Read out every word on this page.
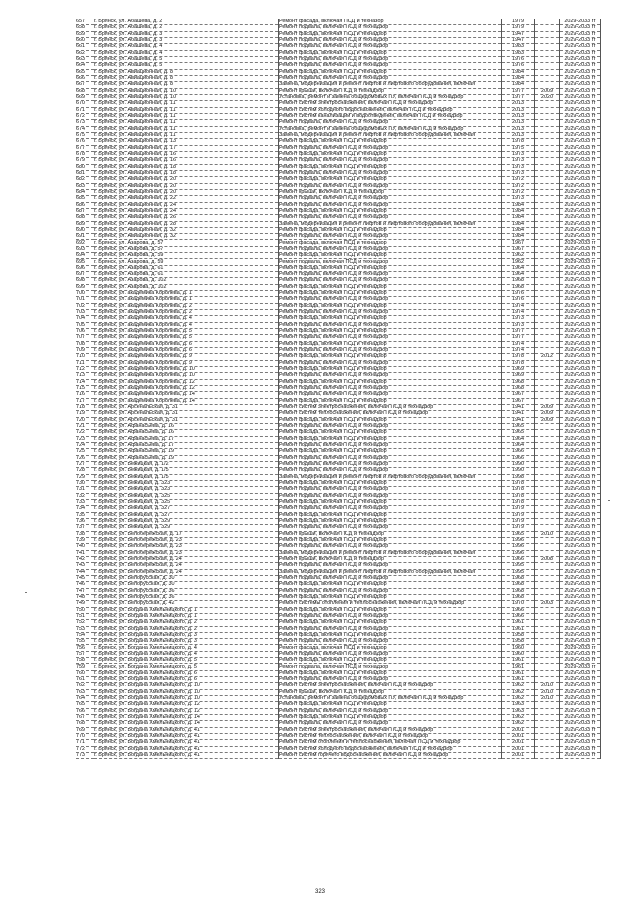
657	г. Брянск, ул. Абашева, д. 2	Ремонт фасада, включая ПСД и техназор	1979		2029-2033 гг
658	г. Брянск, ул. Абашева, д. 2	Ремонт подвала, включая ПСД и технадзор	1979		2029-2033 гг
659	г. Брянск, ул. Абашева, д. 3	Ремонт фасада, включая ПСД и технадзор	1947		2029-2033 гг
660	г. Брянск, ул. Абашева, д. 3	Ремонт подвала, включая ПСД и технадзор	1947		2029-2033 гг
661	г. Брянск, ул. Абашева, д. 4	Ремонт подвала, включая ПСД и технадзор	1983		2029-2033 гг
662	г. Брянск, ул. Абашева, д. 4	Ремонт фасада, включая ПСД и технадзор	1983		2029-2033 гг
663	г. Брянск, ул. Абашева, д. 5	Ремонт подвала, включая ПСД и технадзор	1976		2029-2033 гг
664	г. Брянск, ул. Абашева, д. 5	Ремонт подвала, включая ПСД и технадзор	1976		2029-2033 гг
665	г. Брянск, ул. Авиационная, д. 8	Ремонт фасада, включая ПСД и технадзор	1984		2029-2033 гг
666	г. Брянск, ул. Авиационная, д. 8	Ремонт подвала, включая ПСД и технадзор	1984		2029-2033 гг
667	г. Брянск, ул. Авиационная, д. 8	Замена, модернизация и ремонт лифтов и лифтового оборудования, включая	1984		2029-2033 гг
668	г. Брянск, ул. Авиационная, д. 10	Ремонт крыши, включая ПСД и технадзор	1977	2009	2029-2033 гг
669	г. Брянск, ул. Авиационная, д. 10	Установка, ремонт и замена общедомовых ПУ, включая ПСД и технадзор	1977	2020	2029-2033 гг
670	г. Брянск, ул. Авиационная, д. 11	Ремонт систем электроснабжения, включая ПСД и технадзор	2013		2029-2033 гг
671	г. Брянск, ул. Авиационная, д. 11	Ремонт систем холодного водоснабжения, включая ПСД и технадзор	2013		2029-2033 гг
672	г. Брянск, ул. Авиационная, д. 11	Ремонт систем канализации и водоотведения, включая ПСД и технадзор	2013		2029-2033 гг
673	г. Брянск, ул. Авиационная, д. 11	Ремонт подвала, включая ПСД и технадзор	2013		2029-2033 гг
674	г. Брянск, ул. Авиационная, д. 11	Установка, ремонт и замена общедомовых ПУ, включая ПСД и технадзор	2013		2029-2033 гг
675	г. Брянск, ул. Авиационная, д. 11	Замена, модернизация и ремонт лифтов и лифтового оборудования, включая	2013		2029-2033 гг
676	г. Брянск, ул. Авиационная, д. 13	Ремонт фасада, включая ПСД и технадзор	1978		2029-2033 гг
677	г. Брянск, ул. Авиационная, д. 17	Ремонт подвала, включая ПСД и технадзор	1975		2029-2033 гг
678	г. Брянск, ул. Авиационная, д. 16	Ремонт фасада, включая ПСД и технадзор	1973		2029-2033 гг
679	г. Брянск, ул. Авиационная, д. 16	Ремонт подвала, включая ПСД и технадзор	1973		2029-2033 гг
680	г. Брянск, ул. Авиационная, д. 18	Ремонт фасада, включая ПСД и технадзор	1973		2029-2033 гг
681	г. Брянск, ул. Авиационная, д. 18	Ремонт подвала, включая ПСД и технадзор	1973		2029-2033 гг
682	г. Брянск, ул. Авиационная, д. 20	Ремонт фасада, включая ПСД и технадзор	1972		2029-2033 гг
683	г. Брянск, ул. Авиационная, д. 20	Ремонт подвала, включая ПСД и технадзор	1972		2029-2033 гг
684	г. Брянск, ул. Авиационная, д. 20	Ремонт крыши, включая ПСД и технадзор	1972		2029-2033 гг
685	г. Брянск, ул. Авиационная, д. 22	Ремонт подвала, включая ПСД и технадзор	1973		2029-2033 гг
686	г. Брянск, ул. Авиационная, д. 24	Ремонт подвала, включая ПСД и технадзор	1984		2029-2033 гг
687	г. Брянск, ул. Авиационная, д. 24	Ремонт фасада, включая ПСД и технадзор	1984		2029-2033 гг
688	г. Брянск, ул. Авиационная, д. 26	Ремонт подвала, включая ПСД и технадзор	1984		2029-2033 гг
689	г. Брянск, ул. Авиационная, д. 28	Замена, модернизация и ремонт лифтов и лифтового оборудования, включая	1984		2029-2033 гг
690	г. Брянск, ул. Авиационная, д. 32	Ремонт фасада, включая ПСД и технадзор	1984		2029-2033 гг
691	г. Брянск, ул. Авиационная, д. 32	Ремонт подвала, включая ПСД и технадзор	1984		2029-2033 гг
692	г. Брянск, ул. Азарова, д. 57	Ремонт фасада, включая ПСД и технадзор	1967		2029-2033 гг
693	г. Брянск, ул. Азарова, д. 57	Ремонт подвала, включая ПСД и технадзор	1967		2029-2033 гг
694	г. Брянск, ул. Азарова, д. 59	Ремонт фасада, включая ПСД и технадзор	1962		2029-2033 гг
695	г. Брянск, ул. Азарова, д. 59	Ремонт подвала, включая ПСД и технадзор	1962		2029-2033 гг
696	г. Брянск, ул. Азарова, д. 61	Ремонт фасада, включая ПСД и технадзор	1964		2029-2033 гг
697	г. Брянск, ул. Азарова, д. 61	Ремонт подвала, включая ПСД и технадзор	1964		2029-2033 гг
698	г. Брянск, ул. Азарова, д. 102	Ремонт подвала, включая ПСД и технадзор	1968		2029-2033 гг
699	г. Брянск, ул. Азарова, д. 102	Ремонт фасада, включая ПСД и технадзор	1968		2029-2033 гг
700	г. Брянск, ул. академика Королева, д. 1	Ремонт фасада, включая ПСД и технадзор	1976		2029-2033 гг
701	г. Брянск, ул. академика Королева, д. 1	Ремонт подвала, включая ПСД и технадзор	1976		2029-2033 гг
702	г. Брянск, ул. академика Королева, д. 2	Ремонт фасада, включая ПСД и технадзор	1974		2029-2033 гг
703	г. Брянск, ул. академика Королева, д. 2	Ремонт подвала, включая ПСД и технадзор	1974		2029-2033 гг
704	г. Брянск, ул. академика Королева, д. 4	Ремонт фасада, включая ПСД и технадзор	1973		2029-2033 гг
705	г. Брянск, ул. академика Королева, д. 4	Ремонт подвала, включая ПСД и технадзор	1973		2029-2033 гг
706	г. Брянск, ул. академика Королева, д. 5	Ремонт фасада, включая ПСД и технадзор	1977		2029-2033 гг
707	г. Брянск, ул. академика Королева, д. 5	Ремонт подвала, включая ПСД и технадзор	1977		2029-2033 гг
708	г. Брянск, ул. академика Королева, д. 6	Ремонт фасада, включая ПСД и технадзор	1974		2029-2033 гг
709	г. Брянск, ул. академика Королева, д. 6	Ремонт подвала, включая ПСД и технадзор	1974		2029-2033 гг
710	г. Брянск, ул. академика Королева, д. 9	Ремонт фасада, включая ПСД и технадзор	1978	2012	2029-2033 гг
711	г. Брянск, ул. академика Королева, д. 9	Ремонт подвала, включая ПСД и технадзор	1978		2029-2033 гг
712	г. Брянск, ул. академика Королева, д. 10	Ремонт фасада, включая ПСД и технадзор	1969		2029-2033 гг
713	г. Брянск, ул. академика Королева, д. 10	Ремонт подвала, включая ПСД и технадзор	1969		2029-2033 гг
714	г. Брянск, ул. академика Королева, д. 12	Ремонт фасада, включая ПСД и технадзор	1968		2029-2033 гг
715	г. Брянск, ул. академика Королева, д. 12	Ремонт подвала, включая ПСД и технадзор	1968		2029-2033 гг
716	г. Брянск, ул. академика Королева, д. 14	Ремонт подвала, включая ПСД и технадзор	1967		2029-2033 гг
717	г. Брянск, ул. академика Королева, д. 14	Ремонт фасада, включая ПСД и технадзор	1967		2029-2033 гг
718	г. Брянск, ул. Арсенальская, д. 31	Ремонт систем электроснабжения, включая ПСД и технадзор	1941	2009	2029-2033 гг
719	г. Брянск, ул. Арсенальская, д. 31	Ремонт систем теплоснабжения, включая ПСД и технадзор	1941	2009	2029-2033 гг
720	г. Брянск, ул. Арсенальская, д. 31	Ремонт фасада, включая ПСД и технадзор	1941	2009	2029-2033 гг
721	г. Брянск, ул. Афанасьева, д. 16	Ремонт подвала, включая ПСД и технадзор	1965		2029-2033 гг
722	г. Брянск, ул. Афанасьева, д. 16	Ремонт фасада, включая ПСД и технадзор	1965		2029-2033 гг
723	г. Брянск, ул. Афанасьева, д. 17	Ремонт фасада, включая ПСД и технадзор	1964		2029-2033 гг
724	г. Брянск, ул. Афанасьева, д. 17	Ремонт подвала, включая ПСД и технадзор	1964		2029-2033 гг
725	г. Брянск, ул. Афанасьева, д. 19	Ремонт фасада, включая ПСД и технадзор	1966		2029-2033 гг
726	г. Брянск, ул. Афанасьева, д. 19	Ремонт подвала, включая ПСД и технадзор	1966		2029-2033 гг
727	г. Брянск, ул. Бежицкая, д. 1/2	Ремонт подвала, включая ПСД и технадзор	1990		2029-2033 гг
728	г. Брянск, ул. Бежицкая, д. 1/5	Ремонт подвала, включая ПСД и технадзор	1990		2029-2033 гг
729	г. Брянск, ул. Бежицкая, д. 1/5	Замена, модернизация и ремонт лифтов и лифтового оборудования, включая	1998		2029-2033 гг
730	г. Брянск, ул. Бежицкая, д. 323	Ремонт фасада, включая ПСД и технадзор	1978		2029-2033 гг
731	г. Брянск, ул. Бежицкая, д. 323	Ремонт подвала, включая ПСД и технадзор	1978		2029-2033 гг
732	г. Брянск, ул. Бежицкая, д. 325	Ремонт подвала, включая ПСД и технадзор	1978		2029-2033 гг
733	г. Брянск, ул. Бежицкая, д. 325	Ремонт фасада, включая ПСД и технадзор	1978		2029-2033 гг
734	г. Брянск, ул. Бежицкая, д. 327	Ремонт подвала, включая ПСД и технадзор	1979		2029-2033 гг
735	г. Брянск, ул. Бежицкая, д. 327	Ремонт фасада, включая ПСД и технадзор	1979		2029-2033 гг
736	г. Брянск, ул. Бежицкая, д. 329	Ремонт фасада, включая ПСД и технадзор	1979		2029-2033 гг
737	г. Брянск, ул. Бежицкая, д. 329	Ремонт подвала, включая ПСД и технадзор	1979		2029-2033 гг
738	г. Брянск, ул. Белобережская, д. 17	Ремонт крыши, включая ПСД и технадзор	1965	2010	2029-2033 гг
739	г. Брянск, ул. Белобережская, д. 23	Ремонт фасада, включая ПСД и технадзор	1996		2029-2033 гг
740	г. Брянск, ул. Белобережская, д. 23	Ремонт подвала, включая ПСД и технадзор	1996		2029-2033 гг
741	г. Брянск, ул. Белобережская, д. 23	Замена, модернизация и ремонт лифтов и лифтового оборудования, включая	1996		2029-2033 гг
742	г. Брянск, ул. Белобережская, д. 24	Ремонт крыши, включая ПСД и технадзор	1966	2008	2029-2033 гг
743	г. Брянск, ул. Белобережская, д. 24	Ремонт подвала, включая ПСД и технадзор	1995		2029-2033 гг
744	г. Брянск, ул. Белобережская, д. 24	Замена, модернизация и ремонт лифтов и лифтового оборудования, включая	1995		2029-2033 гг
745	г. Брянск, ул. Белорусская, д. 30	Ремонт подвала, включая ПСД и технадзор	1968		2029-2033 гг
746	г. Брянск, ул. Белорусская, д. 30	Ремонт фасада, включая ПСД и технадзор	1968		2029-2033 гг
747	г. Брянск, ул. Белорусская, д. 36	Ремонт подвала, включая ПСД и технадзор	1968		2029-2033 гг
748	г. Брянск, ул. Белорусская, д. 36	Ремонт фасада, включая ПСД и технадзор	1968		2029-2033 гг
749	г. Брянск, ул. Белорусская, д. 42	Ремонт системы отопления и теплоснабжения, включая ПСД и технадзор	1970	2003	2029-2033 гг
750	г. Брянск, ул. Богдана Хмельницкого, д. 1	Ремонт фасада, включая ПСД и технадзор	1966		2029-2033 гг
751	г. Брянск, ул. Богдана Хмельницкого, д. 1	Ремонт подвала, включая ПСД и технадзор	1966		2029-2033 гг
752	г. Брянск, ул. Богдана Хмельницкого, д. 2	Ремонт фасада, включая ПСД и технадзор	1961		2029-2033 гг
753	г. Брянск, ул. Богдана Хмельницкого, д. 2	Ремонт подвала, включая ПСД и технадзор	1961		2029-2033 гг
754	г. Брянск, ул. Богдана Хмельницкого, д. 3	Ремонт фасада, включая ПСД и технадзор	1958		2029-2033 гг
755	г. Брянск, ул. Богдана Хмельницкого, д. 3	Ремонт подвала, включая ПСД и технадзор	1958		2029-2033 гг
756	г. Брянск, ул. Богдана Хмельницкого, д. 4	Ремонт фасада, включая ПСД и технадзор	1960		2029-2033 гг
757	г. Брянск, ул. Богдана Хмельницкого, д. 4	Ремонт подвала, включая ПСД и технадзор	1960		2029-2033 гг
758	г. Брянск, ул. Богдана Хмельницкого, д. 5	Ремонт фасада, включая ПСД и технадзор	1961		2029-2033 гг
759	г. Брянск, ул. Богдана Хмельницкого, д. 5	Ремонт подвала, включая ПСД и технадзор	1961		2029-2033 гг
760	г. Брянск, ул. Богдана Хмельницкого, д. 6	Ремонт фасада, включая ПСД и технадзор	1961		2029-2033 гг
761	г. Брянск, ул. Богдана Хмельницкого, д. 6	Ремонт подвала, включая ПСД и технадзор	1961		2029-2033 гг
762	г. Брянск, ул. Богдана Хмельницкого, д. 10	Ремонт систем электроснабжения, включая ПСД и технадзор	1962	2010	2029-2033 гг
763	г. Брянск, ул. Богдана Хмельницкого, д. 10	Ремонт крыши, включая ПСД и технадзор	1962	2010	2029-2033 гг
764	г. Брянск, ул. Богдана Хмельницкого, д. 10	Установка, ремонт и замена общедомовых ПУ, включая ПСД и технадзор	1962	2010	2029-2033 гг
765	г. Брянск, ул. Богдана Хмельницкого, д. 12	Ремонт фасада, включая ПСД и технадзор	1963		2029-2033 гг
766	г. Брянск, ул. Богдана Хмельницкого, д. 12	Ремонт подвала, включая ПСД и технадзор	1963		2029-2033 гг
767	г. Брянск, ул. Богдана Хмельницкого, д. 14	Ремонт фасада, включая ПСД и технадзор	1962		2029-2033 гг
768	г. Брянск, ул. Богдана Хмельницкого, д. 14	Ремонт подвала, включая ПСД и технадзор	1962		2029-2033 гг
769	г. Брянск, ул. Богдана Хмельницкого, д. 41	Ремонт систем электроснабжения, включая ПСД и технадзор	2001		2029-2033 гг
770	г. Брянск, ул. Богдана Хмельницкого, д. 41	Ремонт систем теплоснабжения, включая ПСД и технадзор	2001		2029-2033 гг
771	г. Брянск, ул. Богдана Хмельницкого, д. 41	Ремонт систем отопления и теплоснабжения, включая ПСД и технадзор	2001		2029-2033 гг
772	г. Брянск, ул. Богдана Хмельницкого, д. 41	Ремонт систем холодного водоснабжения, включая ПСД и технадзор	2001		2029-2033 гг
773	г. Брянск, ул. Богдана Хмельницкого, д. 41	Ремонт систем горячего водоснабжения, включая ПСД и технадзор	2001		2029-2033 гг
323
